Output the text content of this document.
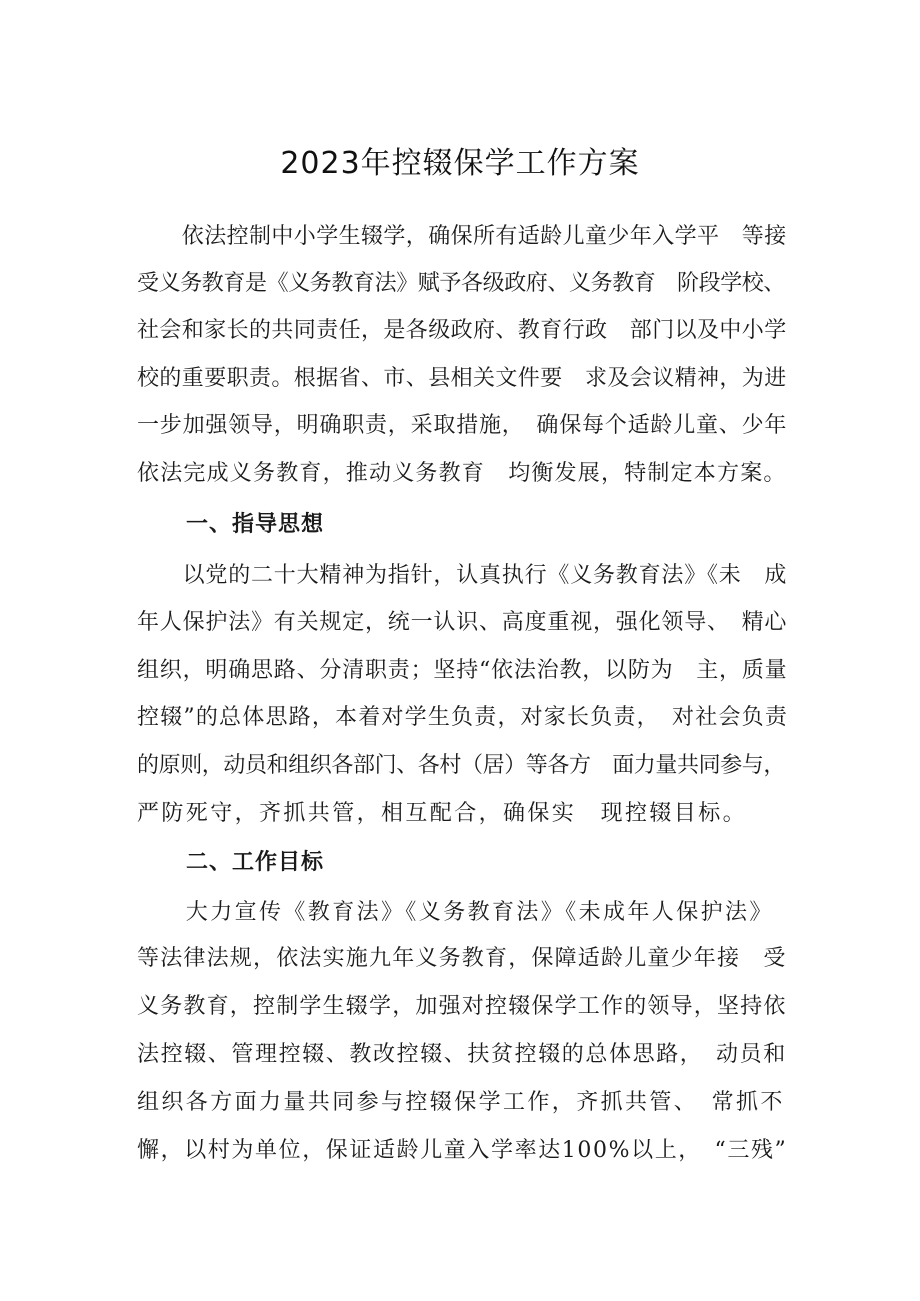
2023年控辍保学工作方案
　　依法控制中小学生辍学，确保所有适龄儿童少年入学平　等接
受义务教育是《义务教育法》赋予各级政府、义务教育　阶段学校、
社会和家长的共同责任，是各级政府、教育行政　部门以及中小学
校的重要职责。根据省、市、县相关文件要　求及会议精神，为进
一步加强领导，明确职责，采取措施，　确保每个适龄儿童、少年
依法完成义务教育，推动义务教育　均衡发展，特制定本方案。
一、指导思想
　　以党的二十大精神为指针，认真执行《义务教育法》《未　成
年人保护法》有关规定，统一认识、高度重视，强化领导、　精心
组织，明确思路、分清职责；坚持“依法治教，以防为　主，质量
控辍”的总体思路，本着对学生负责，对家长负责，　对社会负责
的原则，动员和组织各部门、各村（居）等各方　面力量共同参与，
严防死守，齐抓共管，相互配合，确保实　现控辍目标。
二、工作目标
　　大力宣传《教育法》《义务教育法》《未成年人保护法》
等法律法规，依法实施九年义务教育，保障适龄儿童少年接　受
义务教育，控制学生辍学，加强对控辍保学工作的领导，坚持依
法控辍、管理控辍、教改控辍、扶贫控辍的总体思路，　动员和
组织各方面力量共同参与控辍保学工作，齐抓共管、　常抓不
懈，以村为单位，保证适龄儿童入学率达100%以上，　“三残”
